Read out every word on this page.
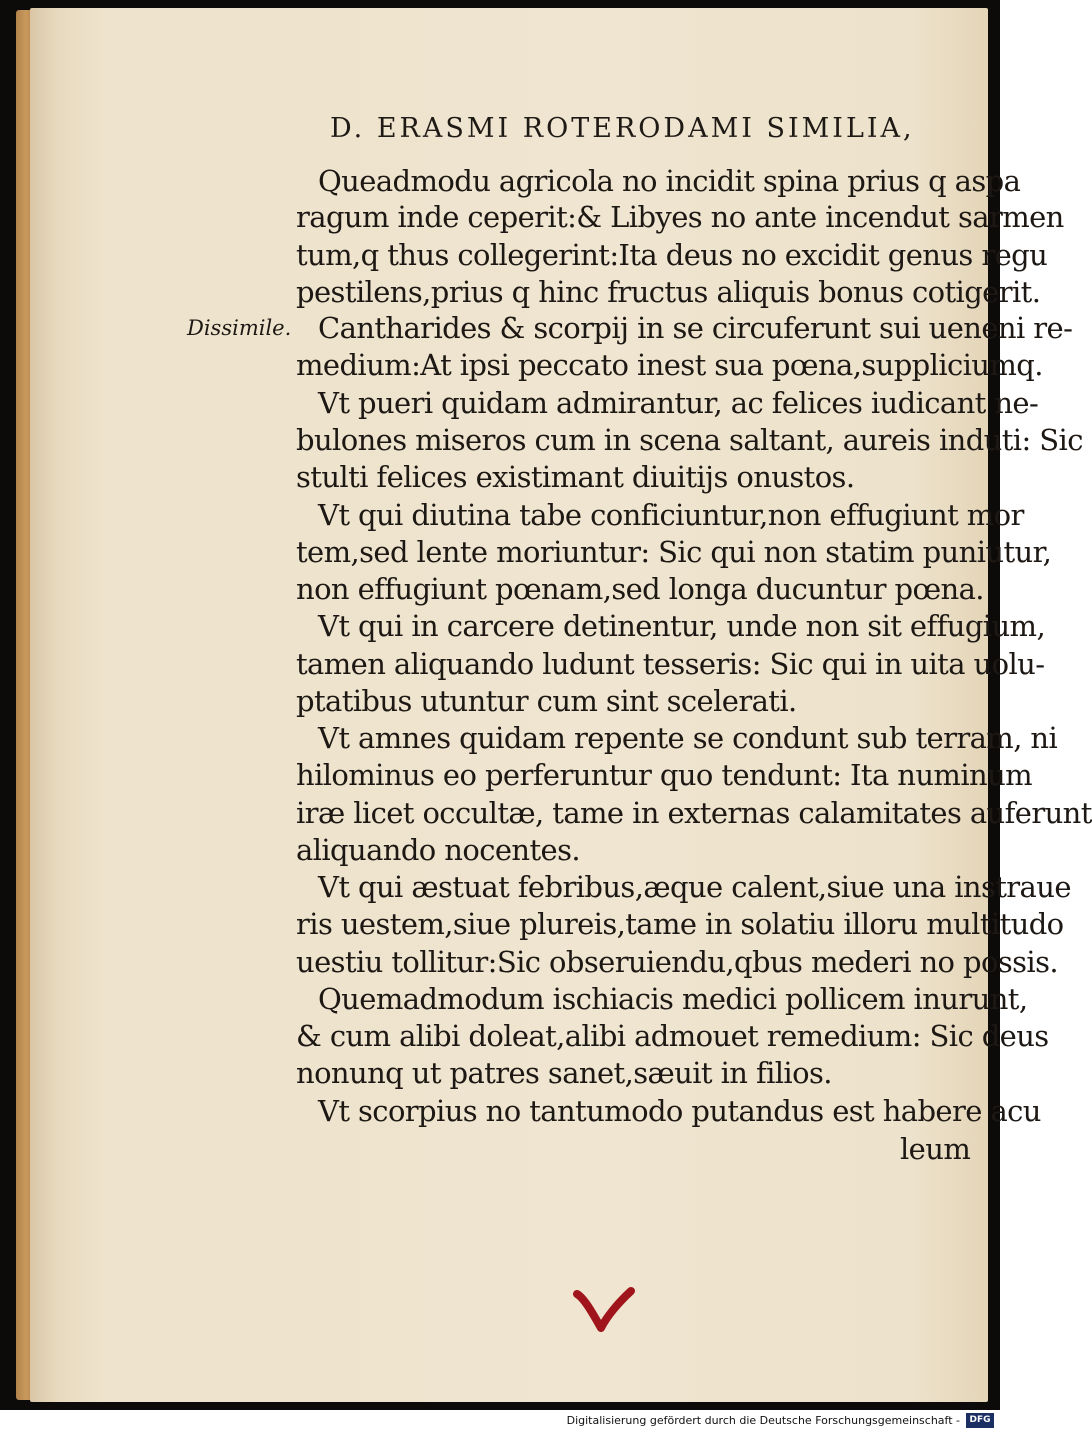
D. ERASMI ROTERODAMI SIMILIA,
Dissimile.
Queadmodu agricola no incidit spina prius q aspa
ragum inde ceperit:& Libyes no ante incendut sarmen
tum,q thus collegerint:Ita deus no excidit genus regu
pestilens,prius q hinc fructus aliquis bonus cotigerit.
Cantharides & scorpij in se circuferunt sui ueneni re-
medium:At ipsi peccato inest sua pœna,suppliciumq.
Vt pueri quidam admirantur, ac felices iudicant ne-
bulones miseros cum in scena saltant, aureis induti: Sic
stulti felices existimant diuitijs onustos.
Vt qui diutina tabe conficiuntur,non effugiunt mor
tem,sed lente moriuntur: Sic qui non statim puniutur,
non effugiunt pœnam,sed longa ducuntur pœna.
Vt qui in carcere detinentur, unde non sit effugium,
tamen aliquando ludunt tesseris: Sic qui in uita uolu-
ptatibus utuntur cum sint scelerati.
Vt amnes quidam repente se condunt sub terram, ni
hilominus eo perferuntur quo tendunt: Ita numinum
iræ licet occultæ, tame in externas calamitates auferunt
aliquando nocentes.
Vt qui æstuat febribus,æque calent,siue una instraue
ris uestem,siue plureis,tame in solatiu illoru multitudo
uestiu tollitur:Sic obseruiendu,qbus mederi no possis.
Quemadmodum ischiacis medici pollicem inurunt,
& cum alibi doleat,alibi admouet remedium: Sic deus
nonunq ut patres sanet,sæuit in filios.
Vt scorpius no tantumodo putandus est habere acu
leum
Digitalisierung gefördert durch die Deutsche Forschungsgemeinschaft -	DFG
